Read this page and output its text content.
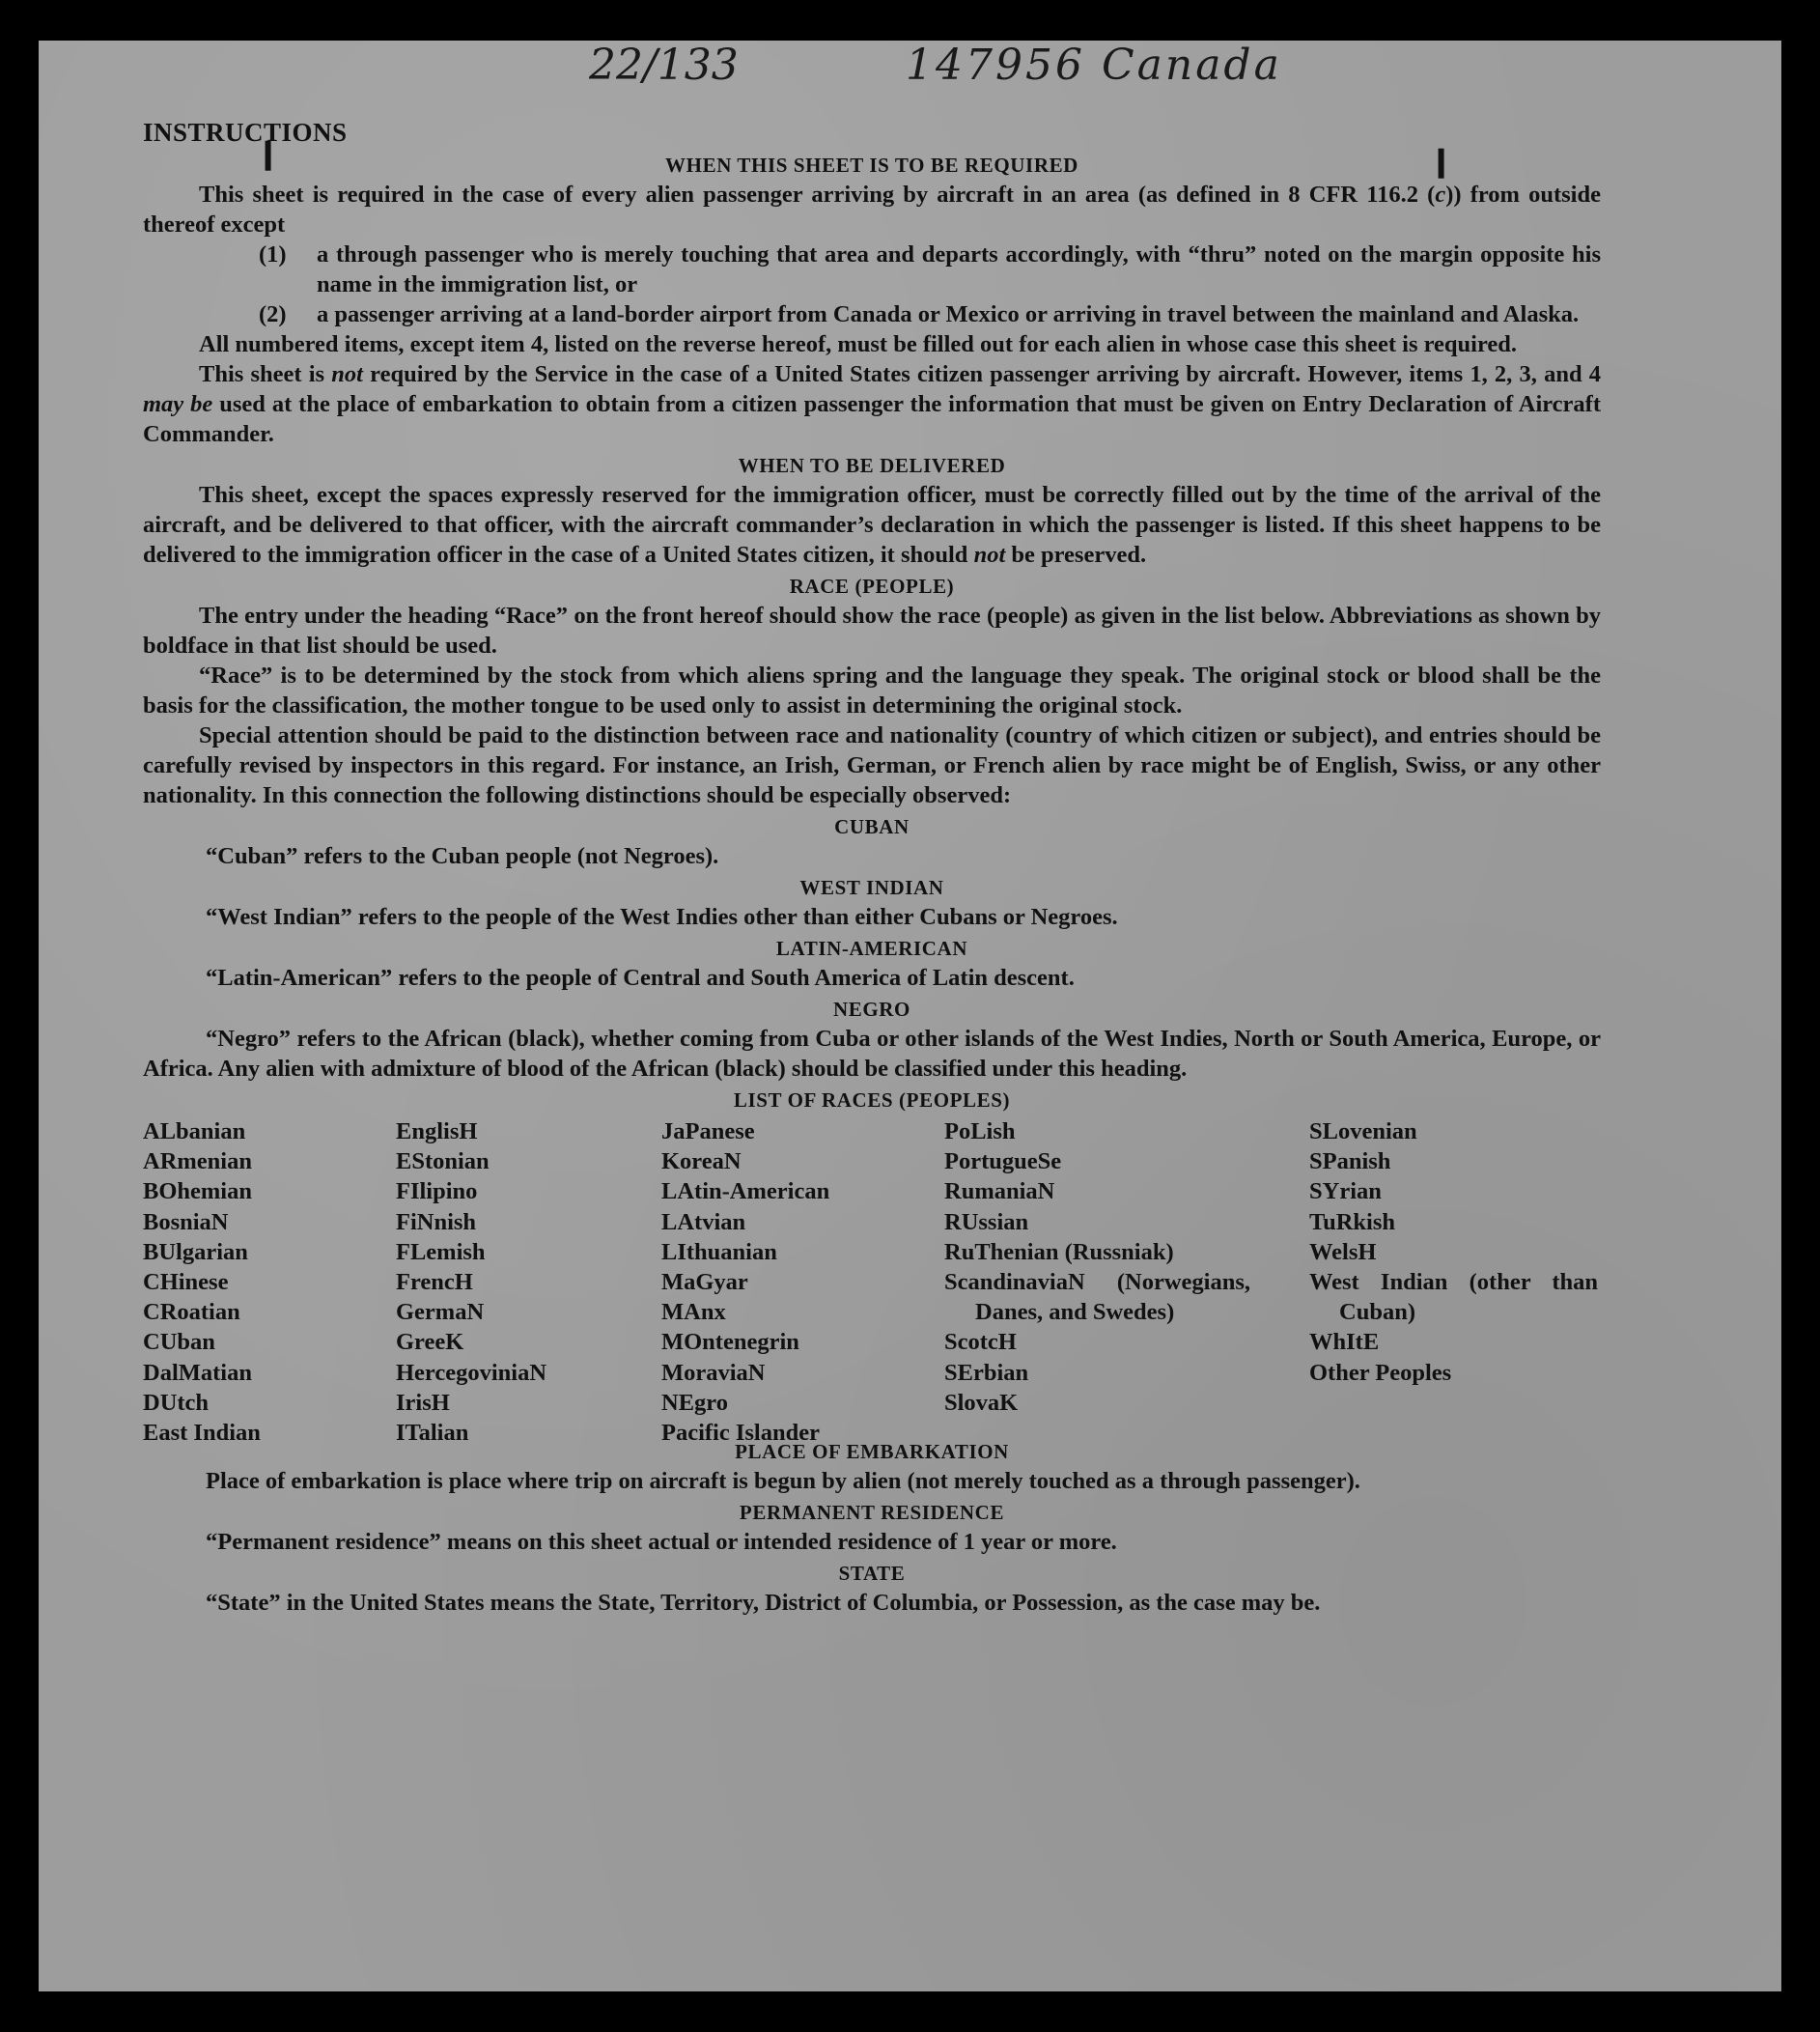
22/133	147956 Canada
❙	❙

INSTRUCTIONS

WHEN THIS SHEET IS TO BE REQUIRED

This sheet is required in the case of every alien passenger arriving by aircraft in an area (as defined in 8 CFR 116.2 (c)) from outside thereof except

(1) a through passenger who is merely touching that area and departs accordingly, with “thru” noted on the margin opposite his name in the immigration list, or
(2) a passenger arriving at a land-border airport from Canada or Mexico or arriving in travel between the mainland and Alaska.

All numbered items, except item 4, listed on the reverse hereof, must be filled out for each alien in whose case this sheet is required.

This sheet is not required by the Service in the case of a United States citizen passenger arriving by aircraft. However, items 1, 2, 3, and 4 may be used at the place of embarkation to obtain from a citizen passenger the information that must be given on Entry Declaration of Aircraft Commander.

WHEN TO BE DELIVERED

This sheet, except the spaces expressly reserved for the immigration officer, must be correctly filled out by the time of the arrival of the aircraft, and be delivered to that officer, with the aircraft commander’s declaration in which the passenger is listed. If this sheet happens to be delivered to the immigration officer in the case of a United States citizen, it should not be preserved.

RACE (PEOPLE)

The entry under the heading “Race” on the front hereof should show the race (people) as given in the list below. Abbreviations as shown by boldface in that list should be used.

“Race” is to be determined by the stock from which aliens spring and the language they speak. The original stock or blood shall be the basis for the classification, the mother tongue to be used only to assist in determining the original stock.

Special attention should be paid to the distinction between race and nationality (country of which citizen or subject), and entries should be carefully revised by inspectors in this regard. For instance, an Irish, German, or French alien by race might be of English, Swiss, or any other nationality. In this connection the following distinctions should be especially observed:

CUBAN

“Cuban” refers to the Cuban people (not Negroes).

WEST INDIAN

“West Indian” refers to the people of the West Indies other than either Cubans or Negroes.

LATIN-AMERICAN

“Latin-American” refers to the people of Central and South America of Latin descent.

NEGRO

“Negro” refers to the African (black), whether coming from Cuba or other islands of the West Indies, North or South America, Europe, or Africa. Any alien with admixture of blood of the African (black) should be classified under this heading.

LIST OF RACES (PEOPLES)
ALbanian
ARmenian
BOhemian
BosniaN
BUlgarian
CHinese
CRoatian
CUban
DalMatian
DUtch
East Indian
EnglisH
EStonian
FIlipino
FiNnish
FLemish
FrencH
GermaN
GreeK
HercegoviniaN
IrisH
ITalian
JaPanese
KoreaN
LAtin-American
LAtvian
LIthuanian
MaGyar
MAnx
MOntenegrin
MoraviaN
NEgro
Pacific Islander
PoLish
PortugueSe
RumaniaN
RUssian
RuThenian (Russniak)
ScandinaviaN (Norwegians, Danes, and Swedes)
ScotcH
SErbian
SlovaK
SLovenian
SPanish
SYrian
TuRkish
WelsH
West Indian (other than Cuban)
WhItE
Other Peoples
PLACE OF EMBARKATION

Place of embarkation is place where trip on aircraft is begun by alien (not merely touched as a through passenger).

PERMANENT RESIDENCE

“Permanent residence” means on this sheet actual or intended residence of 1 year or more.

STATE

“State” in the United States means the State, Territory, District of Columbia, or Possession, as the case may be.
